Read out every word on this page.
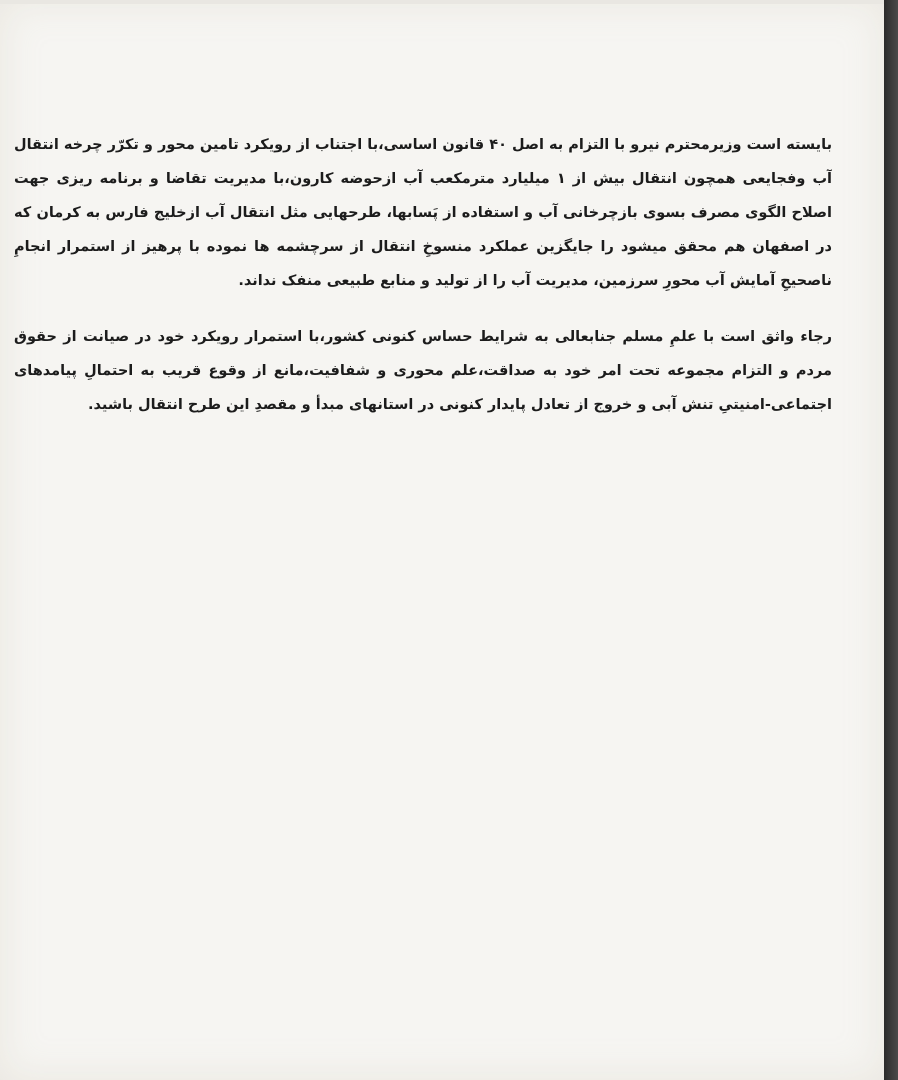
بایسته است وزیرمحترم نیرو با التزام به اصل ۴۰ قانون اساسی،با اجتناب از رویکرد تامین محور و تکرّر چرخه انتقال
آب وفجایعی همچون انتقال بیش از ۱ میلیارد مترمکعب آب ازحوضه کارون،با مدیریت تقاضا و برنامه ریزی جهت
اصلاح الگوی مصرف بسوی بازچرخانی آب و استفاده از پَسابها، طرحهایی مثل انتقال آب ازخلیج فارس به کرمان که
در اصفهان هم محقق میشود را جایگزین عملکرد منسوخِ انتقال از سرچشمه ها نموده با پرهیز از استمرار انجامِ
ناصحیحِ آمایش آب محورِ سرزمین، مدیریت آب را از تولید و منابع طبیعی منفک نداند.
رجاء واثق است با علمِ مسلم جنابعالی به شرایط حساس کنونی کشور،با استمرار رویکرد خود در صیانت از حقوق
مردم و التزام مجموعه تحت امر خود به صداقت،علم محوری و شفافیت،مانع از وقوع قریب به احتمالِ پیامدهای
اجتماعی-امنیتیِ تنش آبی و خروج از تعادل پایدار کنونی در استانهای مبدأ و مقصدِ این طرح انتقال باشید.
